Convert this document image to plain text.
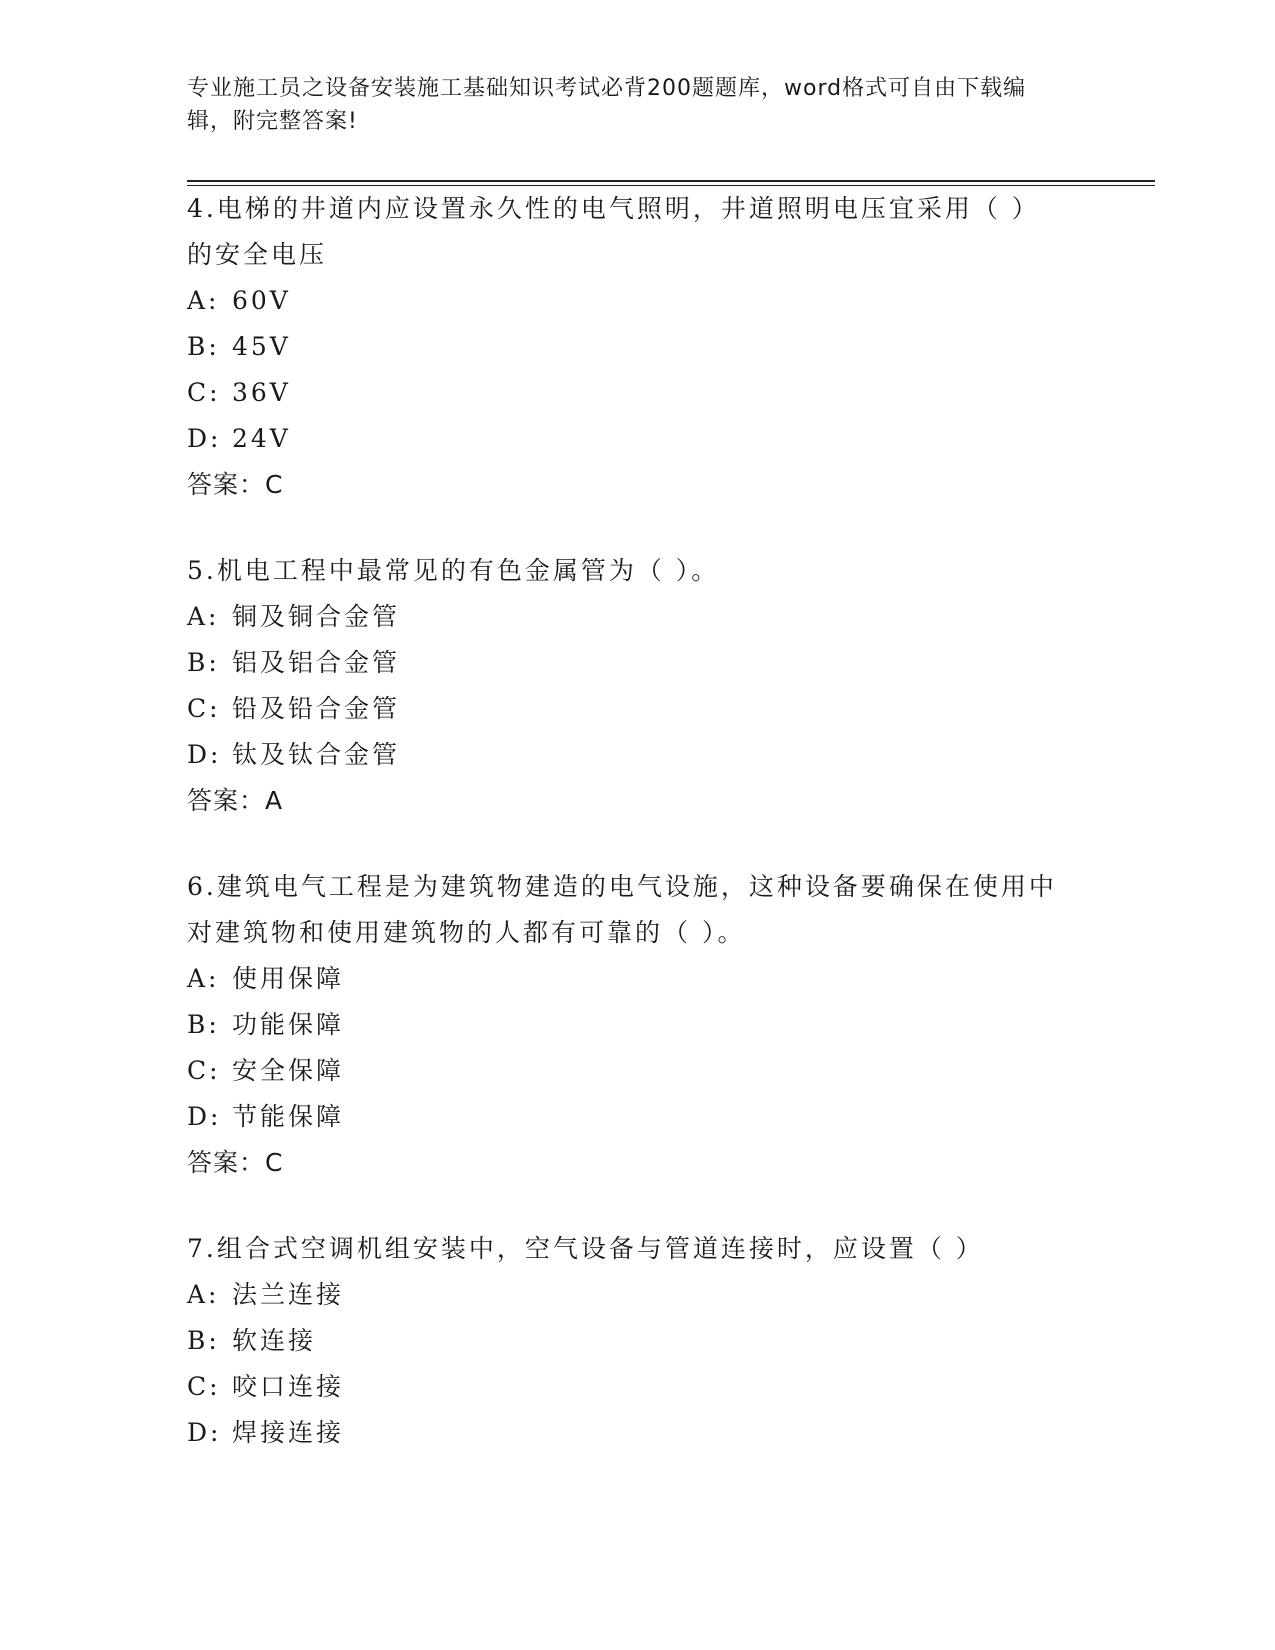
专业施工员之设备安装施工基础知识考试必背200题题库，word格式可自由下载编辑，附完整答案!

4.电梯的井道内应设置永久性的电气照明，井道照明电压宜采用（ ）的安全电压

A: 60V

B: 45V

C: 36V

D: 24V

答案：C

5.机电工程中最常见的有色金属管为（ ）。

A: 铜及铜合金管

B: 铝及铝合金管

C: 铅及铅合金管

D: 钛及钛合金管

答案：A

6.建筑电气工程是为建筑物建造的电气设施，这种设备要确保在使用中对建筑物和使用建筑物的人都有可靠的（ ）。

A: 使用保障

B: 功能保障

C: 安全保障

D: 节能保障

答案：C

7.组合式空调机组安装中，空气设备与管道连接时，应设置（ ）

A: 法兰连接

B: 软连接

C: 咬口连接

D: 焊接连接
